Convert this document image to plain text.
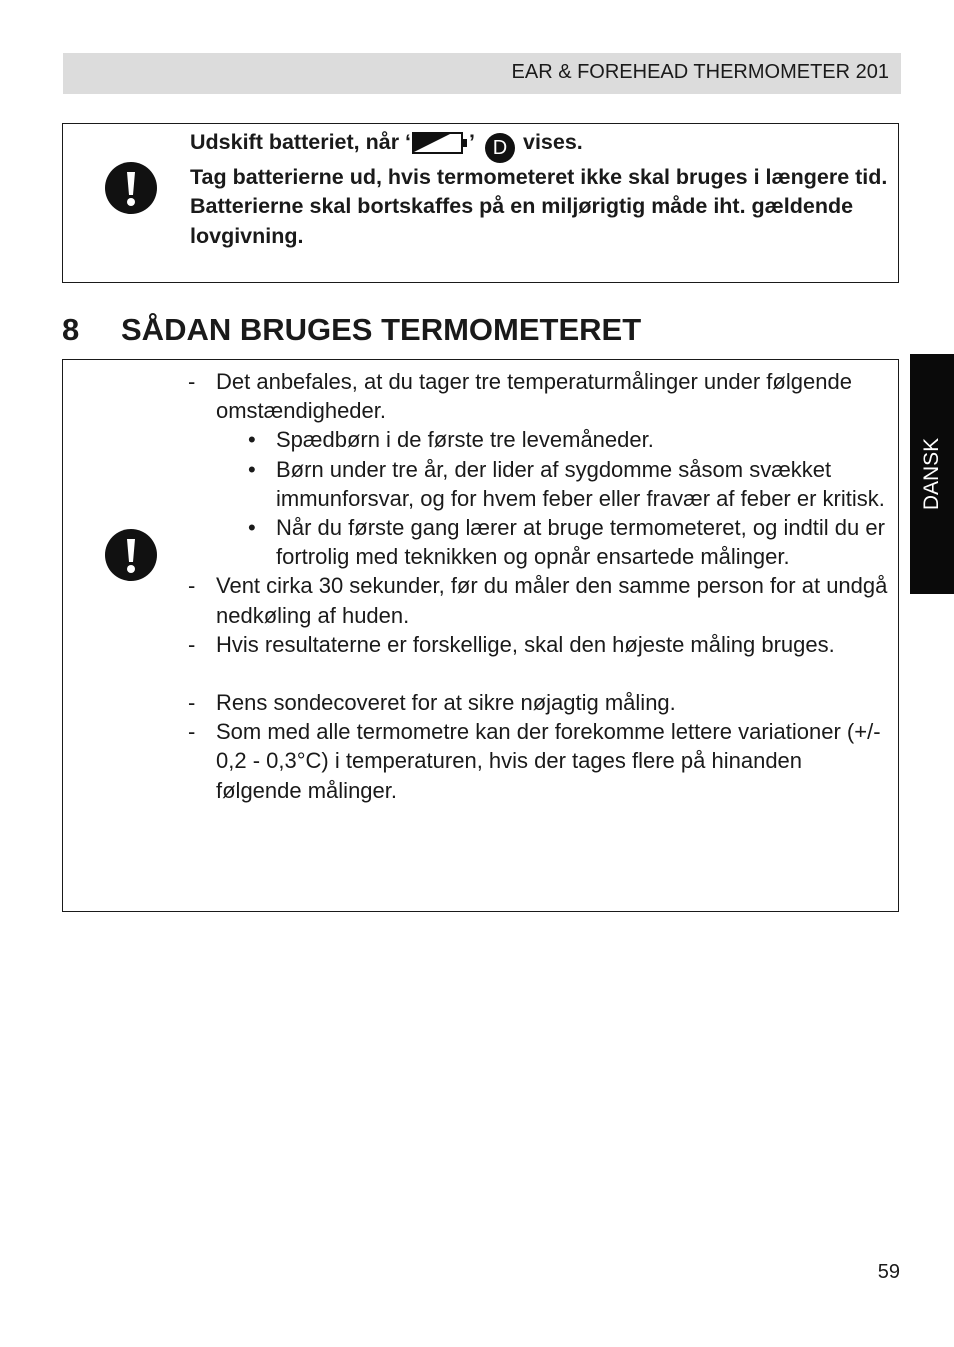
EAR & FOREHEAD THERMOMETER 201
DANSK

Udskift batteriet, når ‘	’ D vises.

Tag batterierne ud, hvis termometeret ikke skal bruges i længere tid.

Batterierne skal bortskaffes på en miljørigtig måde iht. gældende lovgivning.

8 SÅDAN BRUGES TERMOMETERET

- Det anbefales, at du tager tre temperaturmålinger under følgende omstændigheder.

• Spædbørn i de første tre levemåneder.

• Børn under tre år, der lider af sygdomme såsom svækket immunforsvar, og for hvem feber eller fravær af feber er kritisk.

• Når du første gang lærer at bruge termometeret, og indtil du er fortrolig med teknikken og opnår ensartede målinger.

- Vent cirka 30 sekunder, før du måler den samme person for at undgå nedkøling af huden.

- Hvis resultaterne er forskellige, skal den højeste måling bruges.

- Rens sondecoveret for at sikre nøjagtig måling.

- Som med alle termometre kan der forekomme lettere variationer (+/- 0,2 - 0,3°C) i temperaturen, hvis der tages flere på hinanden følgende målinger.

59
